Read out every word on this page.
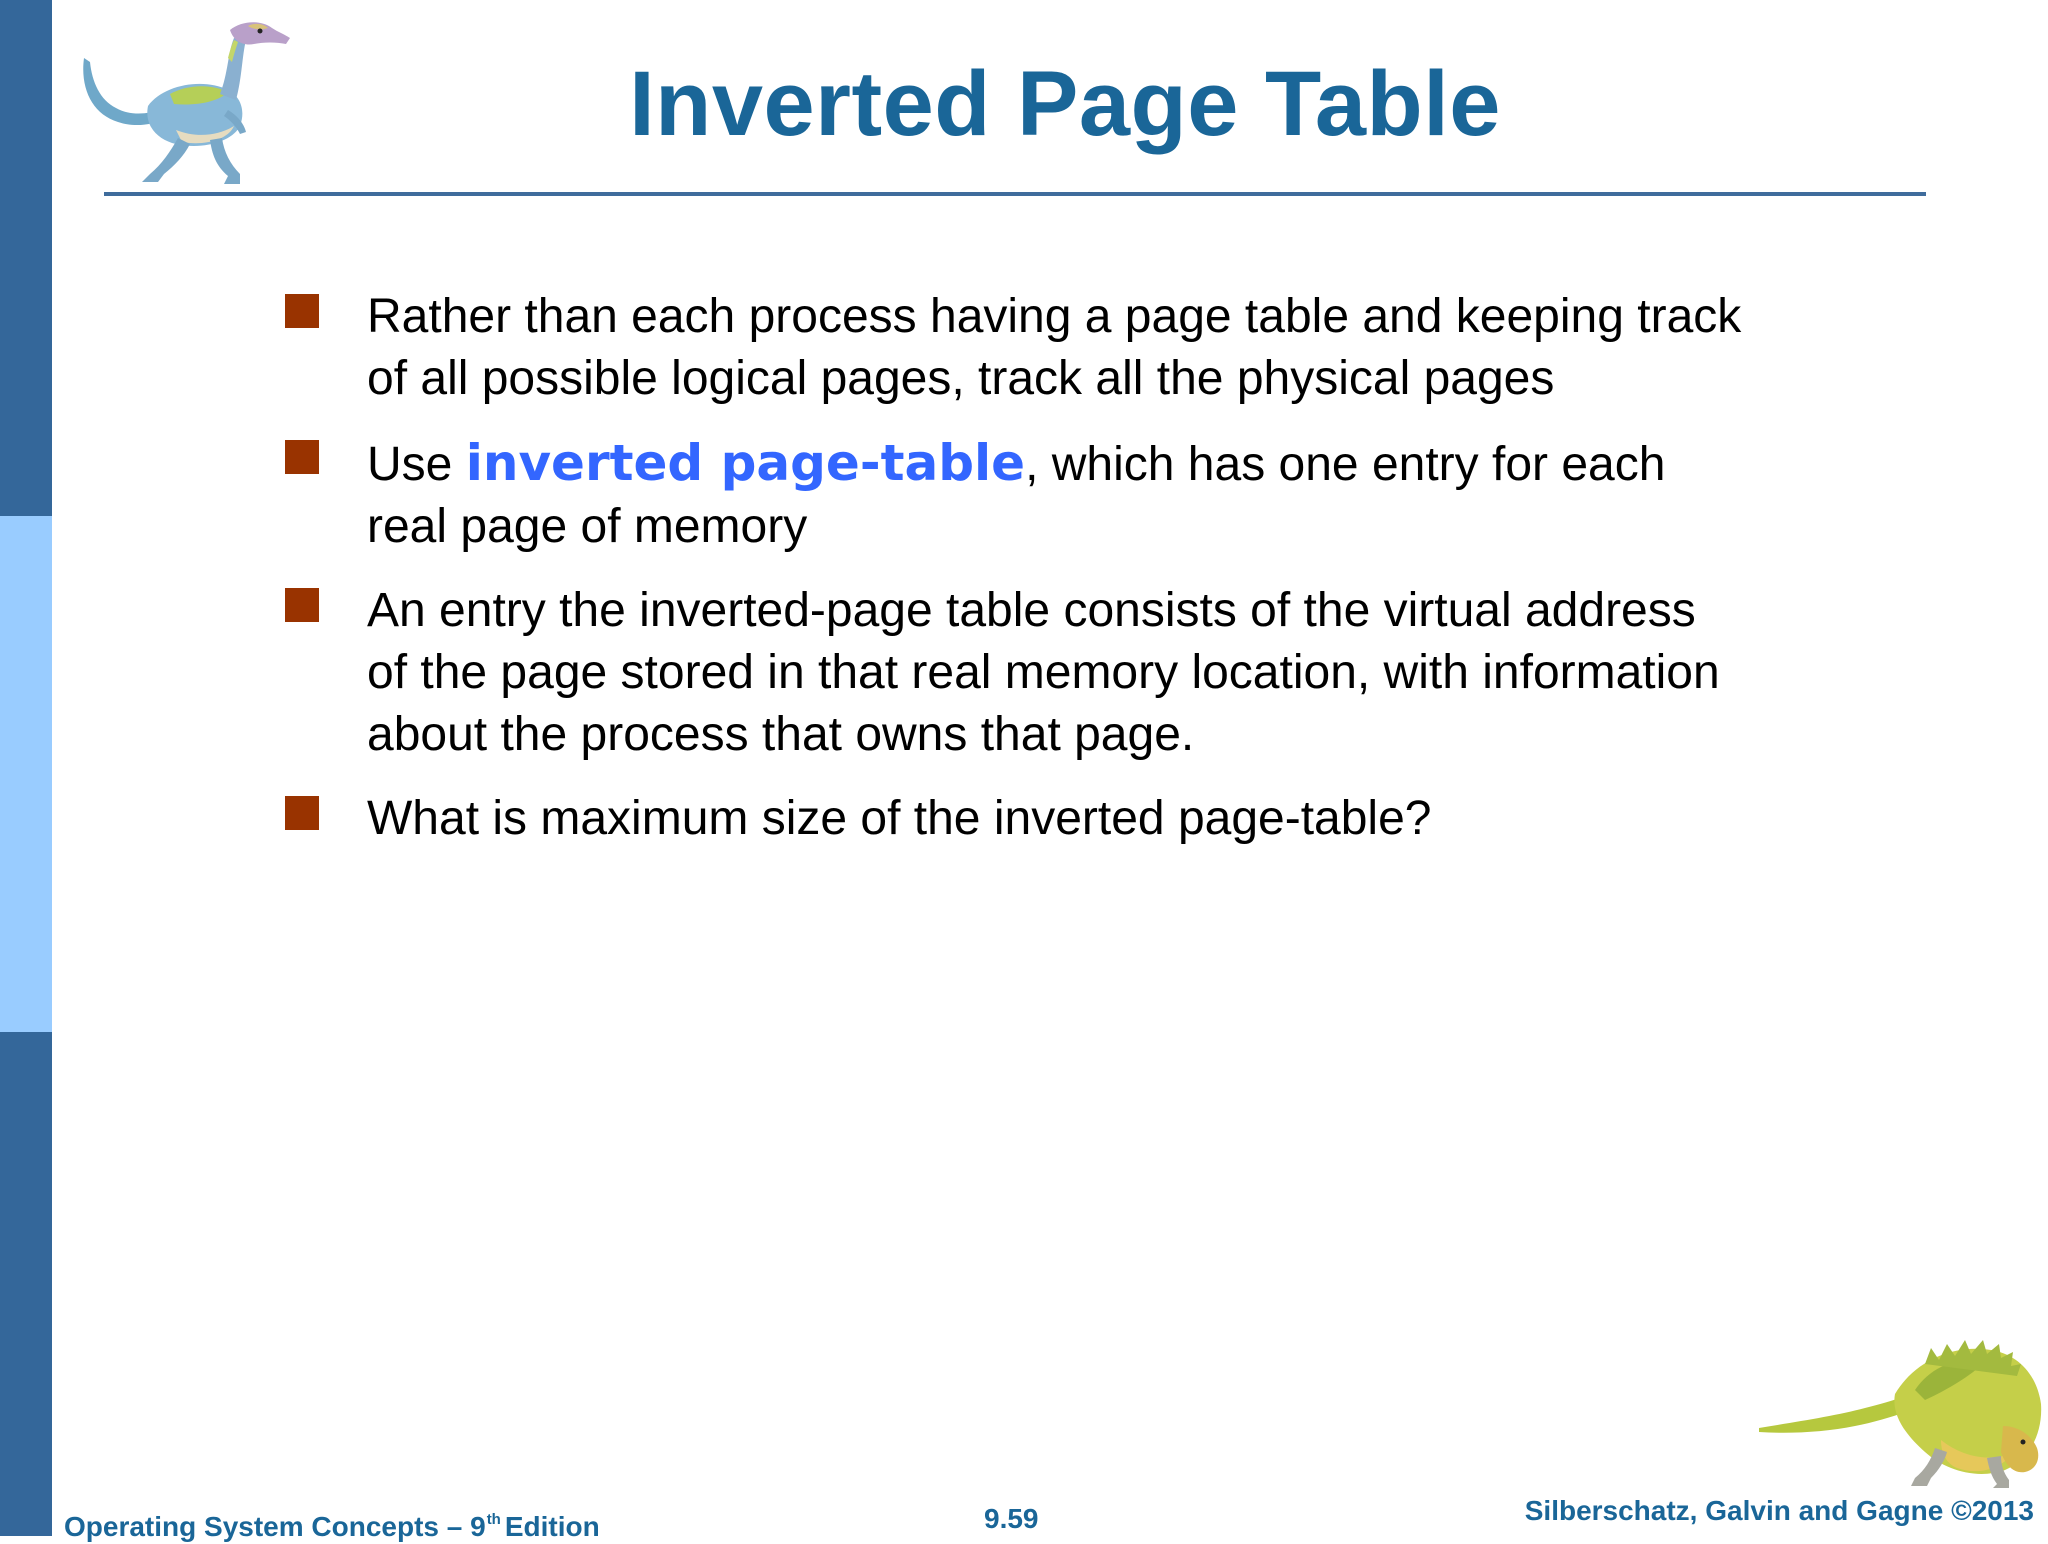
Inverted Page Table
Rather than each process having a page table and keeping track of all possible logical pages, track all the physical pages
Use inverted page-table, which has one entry for each real page of memory
An entry the inverted-page table consists of the virtual address of the page stored in that real memory location, with information about the process that owns that page.
What is maximum size of the inverted page-table?
Operating System Concepts – 9th Edition	9.59	Silberschatz, Galvin and Gagne ©2013
